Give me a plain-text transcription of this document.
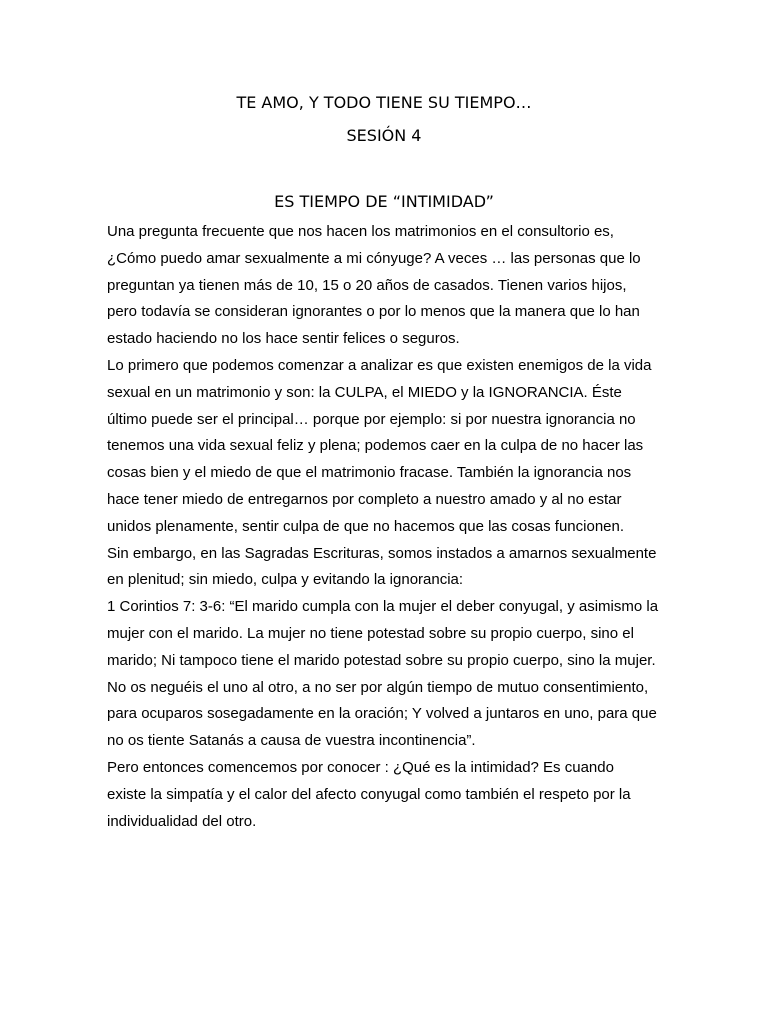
TE AMO, Y TODO TIENE SU TIEMPO…
SESIÓN 4
ES TIEMPO DE “INTIMIDAD”
Una pregunta frecuente que nos hacen los matrimonios en el consultorio es,
¿Cómo puedo amar sexualmente a mi cónyuge? A veces … las personas que lo
preguntan ya tienen más de 10, 15 o 20 años de casados. Tienen varios hijos,
pero todavía se consideran ignorantes o por lo menos que la manera que lo han
estado haciendo no los hace sentir felices o seguros.
Lo primero que podemos comenzar a analizar es que existen enemigos de la vida
sexual en un matrimonio y son: la CULPA, el MIEDO y la IGNORANCIA. Éste
último puede ser el principal… porque por ejemplo: si por nuestra ignorancia no
tenemos una vida sexual feliz y plena; podemos caer en la culpa de no hacer las
cosas bien y el miedo de que el matrimonio fracase. También la ignorancia nos
hace tener miedo de entregarnos por completo a nuestro amado y al no estar
unidos plenamente, sentir culpa de que no hacemos que las cosas funcionen.
Sin embargo, en las Sagradas Escrituras, somos instados a amarnos sexualmente
en plenitud; sin miedo, culpa y evitando la ignorancia:
1 Corintios 7: 3-6: “El marido cumpla con la mujer el deber conyugal, y asimismo la
mujer con el marido. La mujer no tiene potestad sobre su propio cuerpo, sino el
marido; Ni tampoco tiene el marido potestad sobre su propio cuerpo, sino la mujer.
No os neguéis el uno al otro, a no ser por algún tiempo de mutuo consentimiento,
para ocuparos sosegadamente en la oración; Y volved a juntaros en uno, para que
no os tiente Satanás a causa de vuestra incontinencia”.
Pero entonces comencemos por conocer : ¿Qué es la intimidad? Es cuando
existe la simpatía y el calor del afecto conyugal como también el respeto por la
individualidad del otro.
